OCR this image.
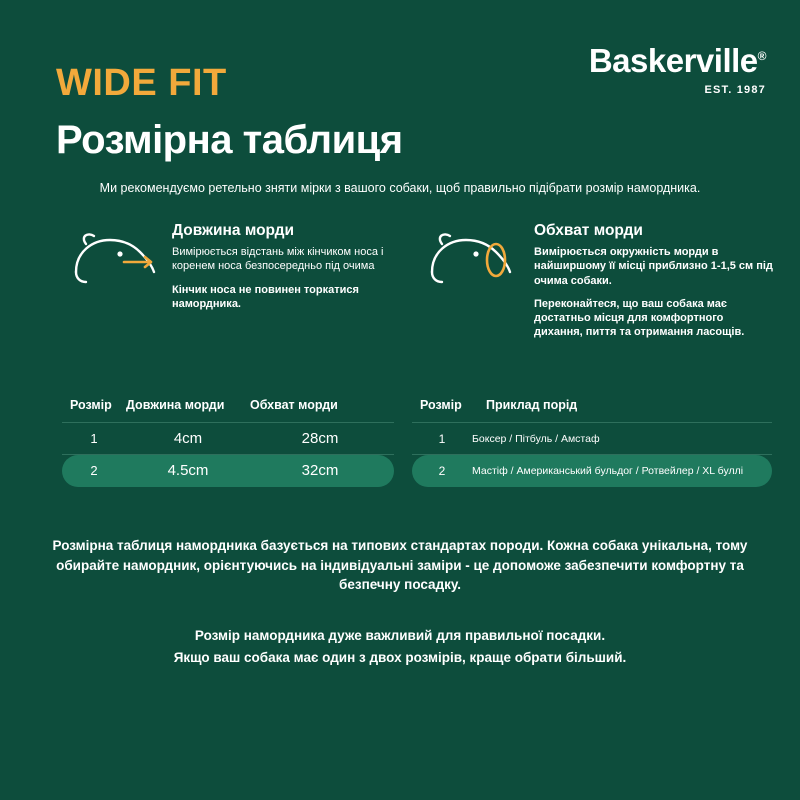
Baskerville®
EST. 1987
WIDE FIT
Розмірна таблиця
Ми рекомендуємо ретельно зняти мірки з вашого собаки, щоб правильно підібрати розмір намордника.

Довжина морди

Вимірюється відстань між кінчиком носа і коренем носа безпосередньо під очима

Кінчик носа не повинен торкатися намордника.

Обхват морди

Вимірюється окружність морди в найширшому її місці приблизно 1-1,5 см під очима собаки.

Переконайтеся, що ваш собака має достатньо місця для комфортного дихання, пиття та отримання ласощів.

Розмір	Довжина морди	Обхват морди
1	4cm	28cm
2	4.5cm	32cm
Розмір	Приклад порід
1	Боксер / Пітбуль / Амстаф
2	Мастіф / Американський бульдог / Ротвейлер / XL буллі
Розмірна таблиця намордника базується на типових стандартах породи. Кожна собака унікальна, тому обирайте намордник, орієнтуючись на індивідуальні заміри - це допоможе забезпечити комфортну та безпечну посадку.
Розмір намордника дуже важливий для правильної посадки.
Якщо ваш собака має один з двох розмірів, краще обрати більший.
